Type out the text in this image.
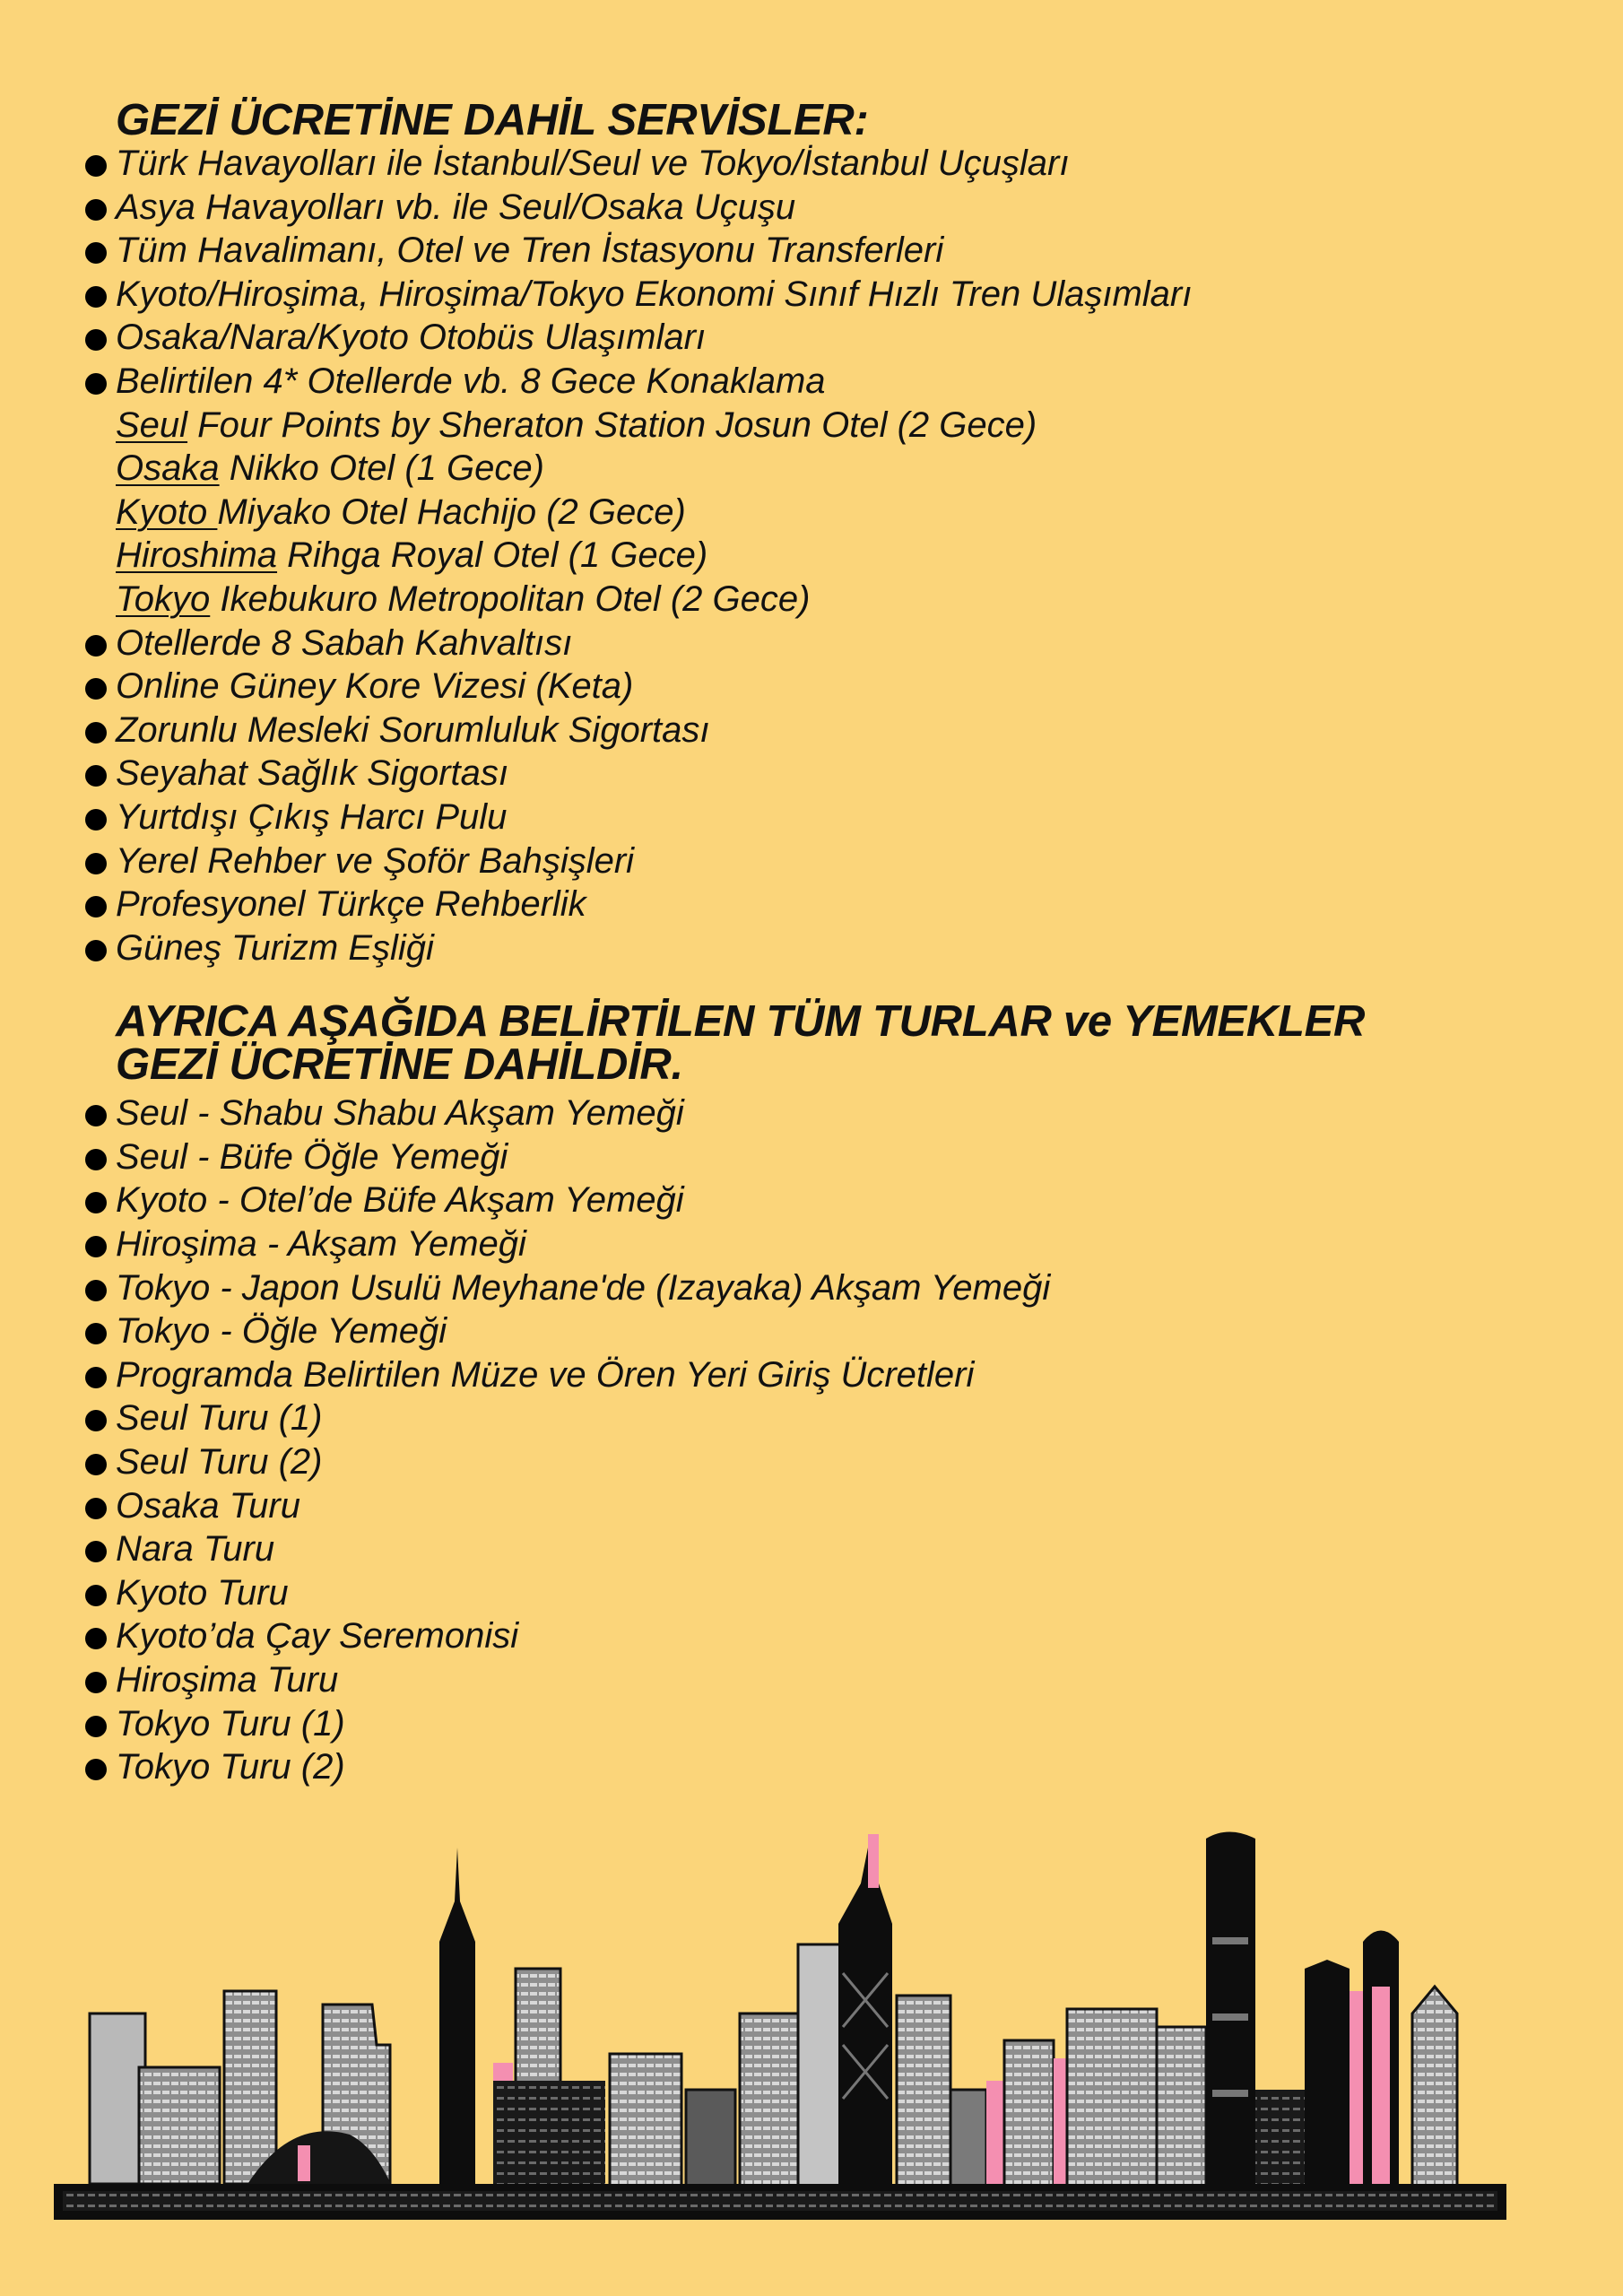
GEZİ ÜCRETİNE DAHİL SERVİSLER:
Türk Havayolları ile İstanbul/Seul ve Tokyo/İstanbul Uçuşları
Asya Havayolları vb. ile Seul/Osaka Uçuşu
Tüm Havalimanı, Otel ve Tren İstasyonu Transferleri
Kyoto/Hiroşima, Hiroşima/Tokyo Ekonomi Sınıf Hızlı Tren Ulaşımları
Osaka/Nara/Kyoto Otobüs Ulaşımları
Belirtilen 4* Otellerde vb. 8 Gece Konaklama
Seul Four Points by Sheraton Station Josun Otel (2 Gece)
Osaka Nikko Otel (1 Gece)
Kyoto Miyako Otel Hachijo (2 Gece)
Hiroshima Rihga Royal Otel (1 Gece)
Tokyo Ikebukuro Metropolitan Otel (2 Gece)
Otellerde 8 Sabah Kahvaltısı
Online Güney Kore Vizesi (Keta)
Zorunlu Mesleki Sorumluluk Sigortası
Seyahat Sağlık Sigortası
Yurtdışı Çıkış Harcı Pulu
Yerel Rehber ve Şoför Bahşişleri
Profesyonel Türkçe Rehberlik
Güneş Turizm Eşliği
AYRICA AŞAĞIDA BELİRTİLEN TÜM TURLAR ve YEMEKLER
GEZİ ÜCRETİNE DAHİLDİR.
Seul - Shabu Shabu Akşam Yemeği
Seul - Büfe Öğle Yemeği
Kyoto - Otel’de Büfe Akşam Yemeği
Hiroşima - Akşam Yemeği
Tokyo - Japon Usulü Meyhane'de (Izayaka) Akşam Yemeği
Tokyo - Öğle Yemeği
Programda Belirtilen Müze ve Ören Yeri Giriş Ücretleri
Seul Turu (1)
Seul Turu (2)
Osaka Turu
Nara Turu
Kyoto Turu
Kyoto’da Çay Seremonisi
Hiroşima Turu
Tokyo Turu (1)
Tokyo Turu (2)
